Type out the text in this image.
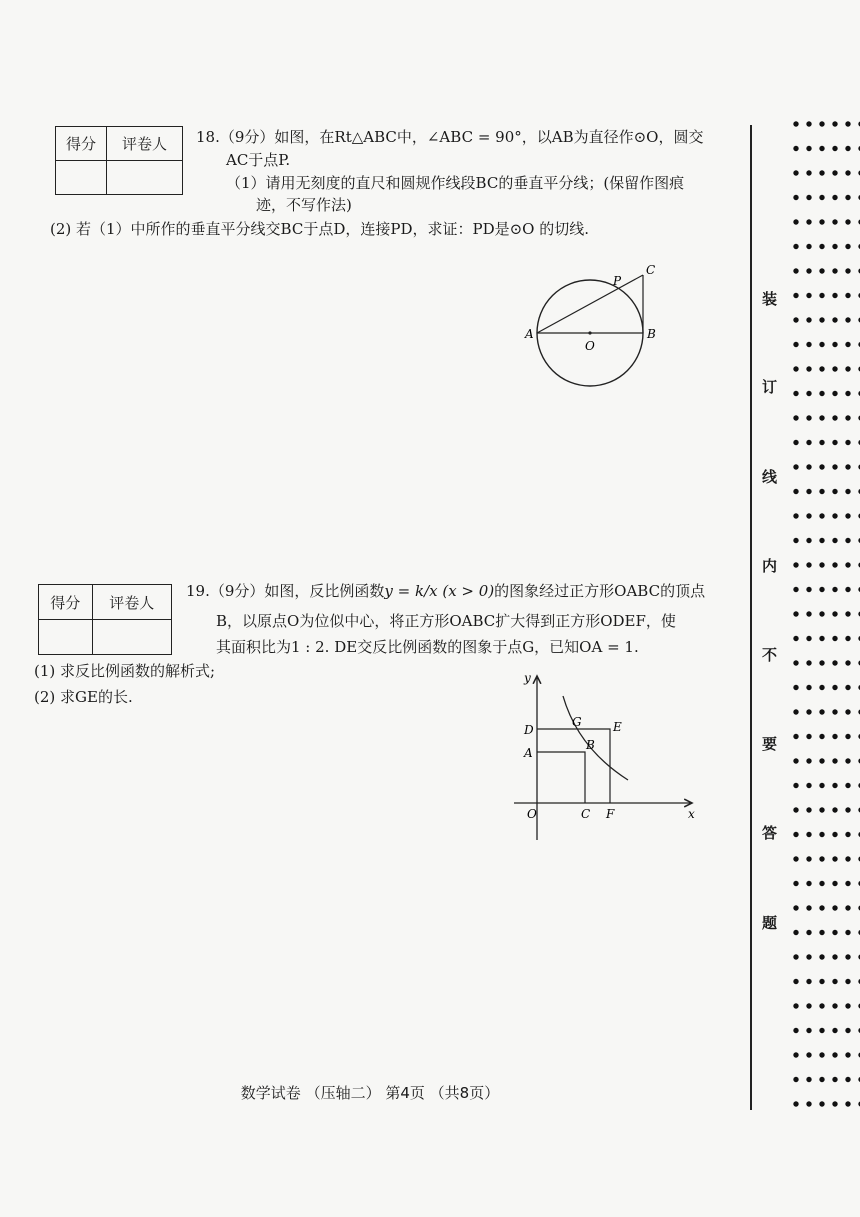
得分	评卷人
	18.（9分）如图，在Rt△ABC中，∠ABC = 90°，以AB为直径作⊙O，圆交
AC于点P.
（1）请用无刻度的直尺和圆规作线段BC的垂直平分线；(保留作图痕
迹，不写作法)
(2) 若（1）中所作的垂直平分线交BC于点D，连接PD，求证：PD是⊙O 的切线.
A	B
C
O
P
得分	评卷人

19.（9分）如图，反比例函数y = k/x (x > 0)的图象经过正方形OABC的顶点
B，以原点O为位似中心，将正方形OABC扩大得到正方形ODEF，使
其面积比为1 : 2. DE交反比例函数的图象于点G，已知OA = 1.
(1) 求反比例函数的解析式;
(2) 求GE的长.
y
x
O
A
B
C
D	E
F
G
装
订
线
内
不
要
答
题
数学试卷 （压轴二） 第4页 （共8页）
